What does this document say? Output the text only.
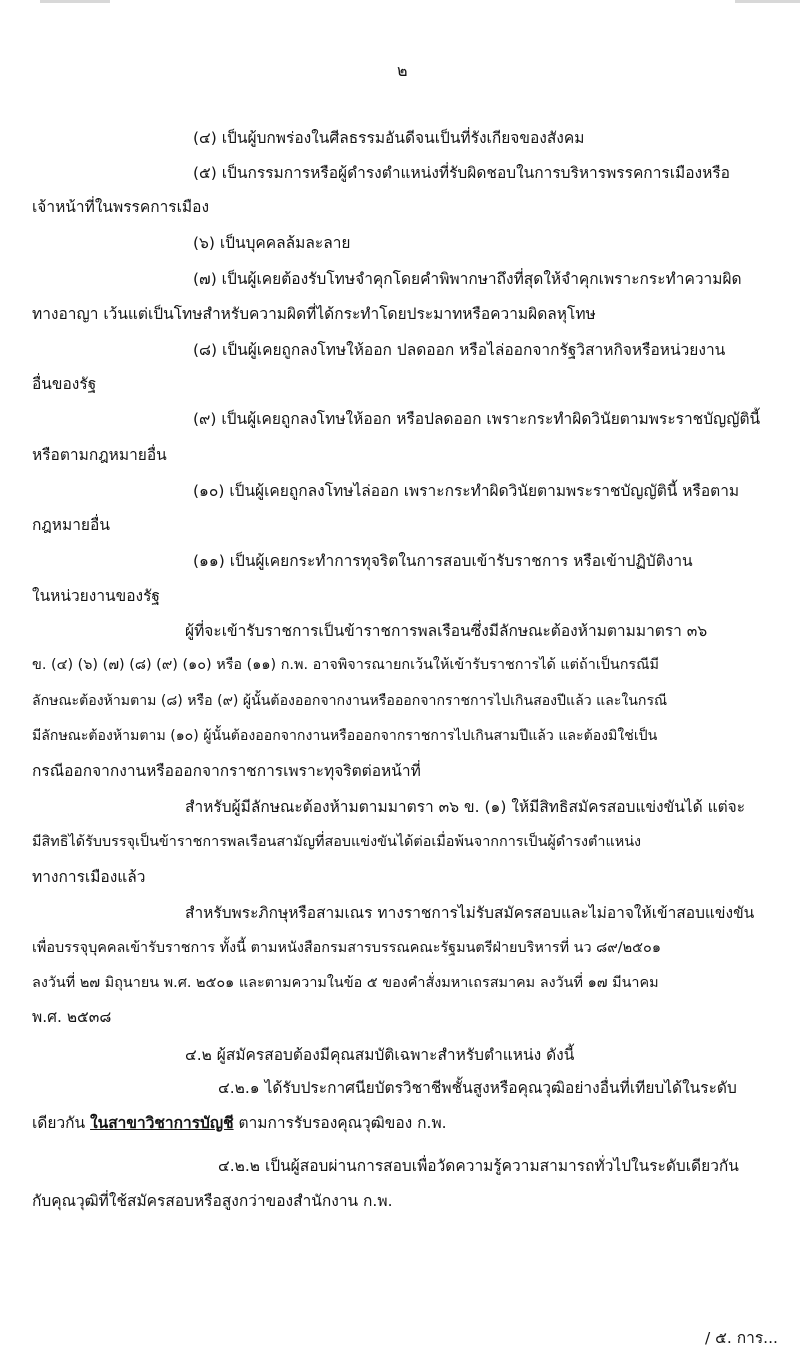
๒
(๔) เป็นผู้บกพร่องในศีลธรรมอันดีจนเป็นที่รังเกียจของสังคม
(๕) เป็นกรรมการหรือผู้ดำรงตำแหน่งที่รับผิดชอบในการบริหารพรรคการเมืองหรือ
เจ้าหน้าที่ในพรรคการเมือง
(๖) เป็นบุคคลล้มละลาย
(๗) เป็นผู้เคยต้องรับโทษจำคุกโดยคำพิพากษาถึงที่สุดให้จำคุกเพราะกระทำความผิด
ทางอาญา เว้นแต่เป็นโทษสำหรับความผิดที่ได้กระทำโดยประมาทหรือความผิดลหุโทษ
(๘) เป็นผู้เคยถูกลงโทษให้ออก ปลดออก หรือไล่ออกจากรัฐวิสาหกิจหรือหน่วยงาน
อื่นของรัฐ
(๙) เป็นผู้เคยถูกลงโทษให้ออก หรือปลดออก เพราะกระทำผิดวินัยตามพระราชบัญญัตินี้
หรือตามกฎหมายอื่น
(๑๐) เป็นผู้เคยถูกลงโทษไล่ออก เพราะกระทำผิดวินัยตามพระราชบัญญัตินี้ หรือตาม
กฎหมายอื่น
(๑๑) เป็นผู้เคยกระทำการทุจริตในการสอบเข้ารับราชการ หรือเข้าปฏิบัติงาน
ในหน่วยงานของรัฐ
ผู้ที่จะเข้ารับราชการเป็นข้าราชการพลเรือนซึ่งมีลักษณะต้องห้ามตามมาตรา ๓๖
ข. (๔) (๖) (๗) (๘) (๙) (๑๐) หรือ (๑๑) ก.พ. อาจพิจารณายกเว้นให้เข้ารับราชการได้ แต่ถ้าเป็นกรณีมี
ลักษณะต้องห้ามตาม (๘) หรือ (๙) ผู้นั้นต้องออกจากงานหรือออกจากราชการไปเกินสองปีแล้ว และในกรณี
มีลักษณะต้องห้ามตาม (๑๐) ผู้นั้นต้องออกจากงานหรือออกจากราชการไปเกินสามปีแล้ว และต้องมิใช่เป็น
กรณีออกจากงานหรือออกจากราชการเพราะทุจริตต่อหน้าที่
สำหรับผู้มีลักษณะต้องห้ามตามมาตรา ๓๖ ข. (๑) ให้มีสิทธิสมัครสอบแข่งขันได้ แต่จะ
มีสิทธิได้รับบรรจุเป็นข้าราชการพลเรือนสามัญที่สอบแข่งขันได้ต่อเมื่อพ้นจากการเป็นผู้ดำรงตำแหน่ง
ทางการเมืองแล้ว
สำหรับพระภิกษุหรือสามเณร ทางราชการไม่รับสมัครสอบและไม่อาจให้เข้าสอบแข่งขัน
เพื่อบรรจุบุคคลเข้ารับราชการ ทั้งนี้ ตามหนังสือกรมสารบรรณคณะรัฐมนตรีฝ่ายบริหารที่ นว ๘๙/๒๕๐๑
ลงวันที่ ๒๗ มิถุนายน พ.ศ. ๒๕๐๑ และตามความในข้อ ๕ ของคำสั่งมหาเถรสมาคม ลงวันที่ ๑๗ มีนาคม
พ.ศ. ๒๕๓๘
๔.๒ ผู้สมัครสอบต้องมีคุณสมบัติเฉพาะสำหรับตำแหน่ง ดังนี้
๔.๒.๑ ได้รับประกาศนียบัตรวิชาชีพชั้นสูงหรือคุณวุฒิอย่างอื่นที่เทียบได้ในระดับ
เดียวกัน ในสาขาวิชาการบัญชี ตามการรับรองคุณวุฒิของ ก.พ.
๔.๒.๒ เป็นผู้สอบผ่านการสอบเพื่อวัดความรู้ความสามารถทั่วไปในระดับเดียวกัน
กับคุณวุฒิที่ใช้สมัครสอบหรือสูงกว่าของสำนักงาน ก.พ.
/ ๕. การ...
